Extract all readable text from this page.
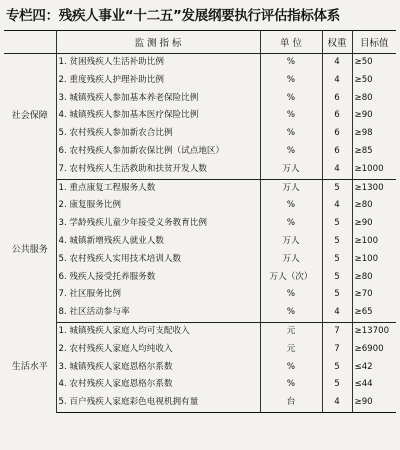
专栏四：残疾人事业“十二五”发展纲要执行评估指标体系
	监 测 指 标	单 位	权重	目标值
社会保障	1. 贫困残疾人生活补助比例	%	4	≥50
	2. 重度残疾人护理补助比例	%	4	≥50
	3. 城镇残疾人参加基本养老保险比例	%	6	≥80
	4. 城镇残疾人参加基本医疗保险比例	%	6	≥90
	5. 农村残疾人参加新农合比例	%	6	≥98
	6. 农村残疾人参加新农保比例（试点地区）	%	6	≥85
	7. 农村残疾人生活救助和扶贫开发人数	万人	4	≥1000
公共服务	1. 重点康复工程服务人数	万人	5	≥1300
	2. 康复服务比例	%	4	≥80
	3. 学龄残疾儿童少年接受义务教育比例	%	5	≥90
	4. 城镇新增残疾人就业人数	万人	5	≥100
	5. 农村残疾人实用技术培训人数	万人	5	≥100
	6. 残疾人接受托养服务数	万人（次）	5	≥80
	7. 社区服务比例	%	5	≥70
	8. 社区活动参与率	%	4	≥65
生活水平	1. 城镇残疾人家庭人均可支配收入	元	7	≥13700
	2. 农村残疾人家庭人均纯收入	元	7	≥6900
	3. 城镇残疾人家庭恩格尔系数	%	5	≤42
	4. 农村残疾人家庭恩格尔系数	%	5	≤44
	5. 百户残疾人家庭彩色电视机拥有量	台	4	≥90
